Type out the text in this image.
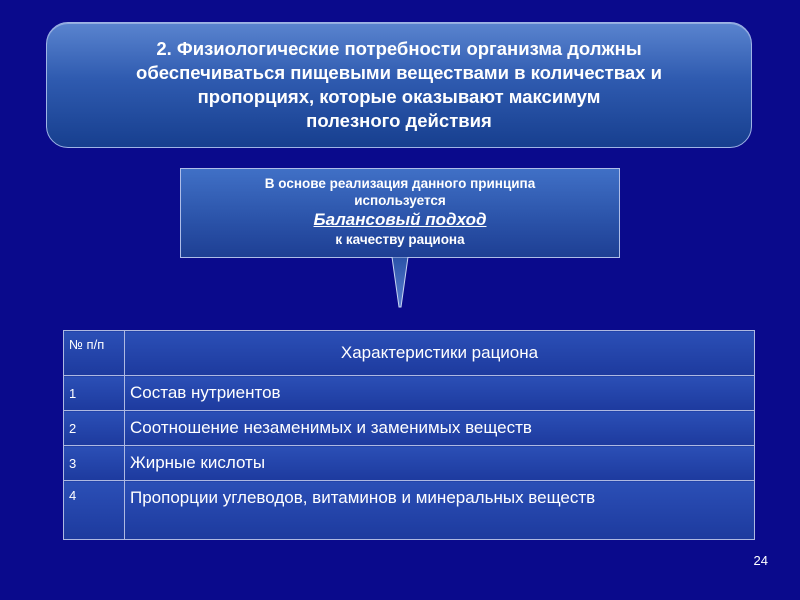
2. Физиологические потребности организма должны
обеспечиваться пищевыми веществами в количествах и
пропорциях, которые оказывают максимум
полезного действия
В основе реализация данного принципа
используется
Балансовый подход
к качеству рациона
№ п/п	Характеристики рациона
1	Состав нутриентов
2	Соотношение незаменимых и заменимых веществ
3	Жирные кислоты
4	Пропорции углеводов, витаминов и минеральных веществ
24
